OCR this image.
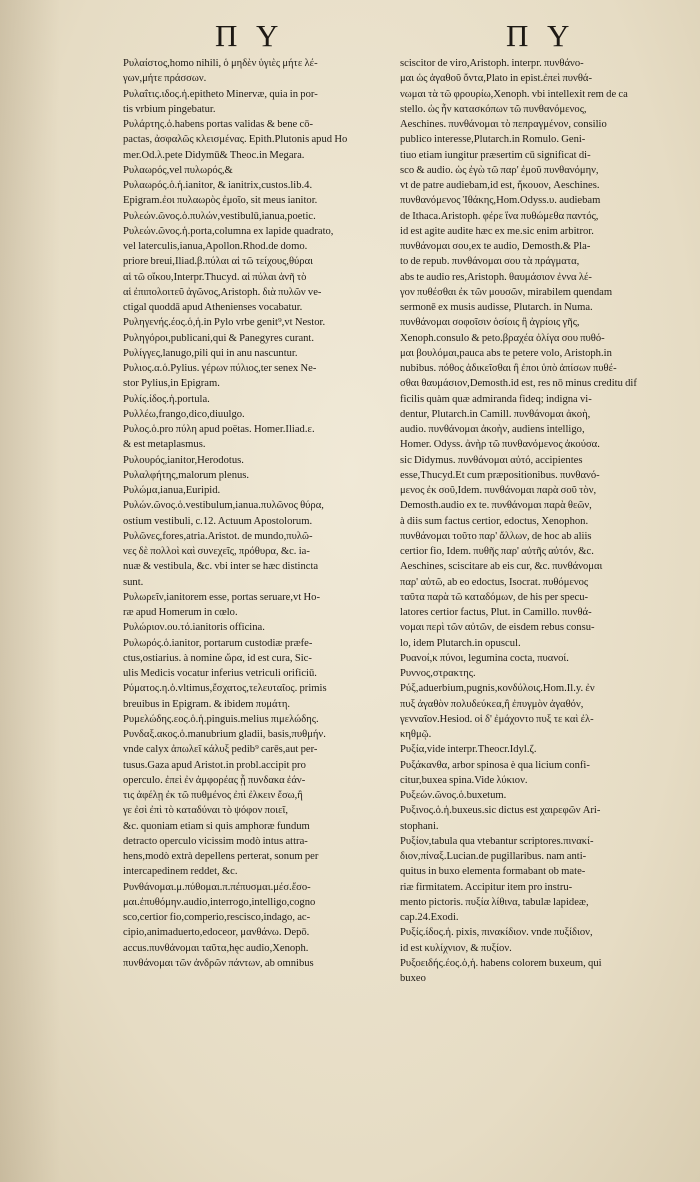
Π Υ	Π Υ
Ρυλαίστος,homo nihili, ὁ μηδὲν ὑγιὲς μήτε λέ-
γων,μήτε πράσσων.
Ρυλαΐτις.ιδος.ἡ.epitheto Minervæ, quia in por-
tis vrbium pingebatur.
Ρυλάρτης.ὁ.habens portas validas & bene cō-
pactas, ἀσφαλῶς κλεισμένας. Epith.Plutonis apud Ho
mer.Od.λ.pete Didymū& Theoc.in Megara.
Ρυλαωρός,vel πυλωρός,&
Ρυλαωρός.ὁ.ἡ.ianitor, & ianitrix,custos.lib.4.
Epigram.ἐοι πυλαωρὸς ἐμοῖο, sit meus ianitor.
Ρυλεών.ῶνος.ὁ.πυλών,vestibulū,ianua,poetic.
Ρυλεών.ῶνος.ἡ.porta,columna ex lapide quadrato,
vel laterculis,ianua,Apollon.Rhod.de domo.
priore breui,Iliad.β.πύλαι αἱ τῶ τείχους,θύραι
αἱ τῶ οἴκου,Interpr.Thucyd. αἱ πύλαι ἀνῆ τὸ
αἱ ἐπιπολοιτεῦ ἀγῶνος,Aristoph. διὰ πυλῶν ve-
ctigal quoddā apud Athenienses vocabatur.
Ρυληγενής.έος.ὁ,ἡ.in Pylo vrbe genit⁹,vt Nestor.
Ρυληγόροι,publicani,qui & Panegyres curant.
Ρυλίγγες,lanugo,pili qui in anu nascuntur.
Ρυλιος.α.ὁ.Pylius. γέρων πύλιος,ter senex Ne-
stor Pylius,in Epigram.
Ρυλίς.ίδος.ἡ.portula.
Ρυλλέω,frango,dico,diuulgo.
Ρυλος.ὁ.pro πύλη apud poëtas. Homer.Iliad.ε.
& est metaplasmus.
Ρυλουρός,ianitor,Herodotus.
Ρυλαλφήτης,malorum plenus.
Ρυλώμα,ianua,Euripid.
Ρυλών.ῶνος.ὁ.vestibulum,ianua.πυλῶνος θύρα,
ostium vestibuli, c.12. Actuum Apostolorum.
Ρυλῶνες,fores,atria.Aristot. de mundo,πυλῶ-
νες δὲ πολλοὶ καὶ συνεχεῖς, πρόθυρα, &c. ia-
nuæ & vestibula, &c. vbi inter se hæc distincta
sunt.
Ρυλωρεῖν,ianitorem esse, portas seruare,vt Ho-
ræ apud Homerum in cœlo.
Ρυλώριον.ου.τό.ianitoris officina.
Ρυλωρός.ὁ.ianitor, portarum custodiæ præfe-
ctus,ostiarius. à nomine ὤρα, id est cura, Sic-
ulis Medicis vocatur inferius vetriculi orificiū.
Ρύματος.η.ὁ.vltimus,ἔσχατος,τελευταῖος. primis
breuibus in Epigram. & ibidem πυμάτη.
Ρυμελώδης.εος.ὁ.ἡ.pinguis.melius πιμελώδης.
Ρυνδαξ.ακος.ὁ.manubrium gladii, basis,πυθμήν.
vnde calyx ἀπωλεῖ κάλυξ pedib⁹ carēs,aut per-
tusus.Gaza apud Aristot.in probl.accipit pro
operculo. ἐπεὶ ἐν ἀμφορέας ᾗ πυνδακα ἐάν-
τις ἀφέλῃ ἐκ τῶ πυθμένος ἐπὶ ἐλκειν ἔσω,ἢ
γε ἐσὶ ἐπὶ τὸ καταδύναι τὸ ψόφον ποιεῖ,
&c. quoniam etiam si quis amphoræ fundum
detracto operculo vicissim modò intus attra-
hens,modò extrà depellens perterat, sonum per
intercapedinem reddet, &c.
Ρυνθάνομαι.μ.πύθομαι.π.πέπυσμαι.μέσ.ἔσο-
μαι.ἐπυθόμην.audio,interrogo,intelligo,cogno
sco,certior fio,comperio,rescisco,indago, ac-
cipio,animaduerto,edoceor, μανθάνω. Depō.
accus.πυνθάνομαι ταῦτα,hęc audio,Xenoph.
πυνθάνομαι τῶν ἀνδρῶν πάντων, ab omnibus
sciscitor de viro,Aristoph. interpr. πυνθάνο-
μαι ὡς ἀγαθοῦ ὄντα,Plato in epist.ἐπεὶ πυνθά-
νωμαι τὰ τῶ φρουρίω,Xenoph. vbi intellexit rem de ca
stello. ὡς ἦν κατασκόπων τῶ πυνθανόμενος,
Aeschines. πυνθάνομαι τὸ πεπραγμένον, consilio
publico interesse,Plutarch.in Romulo. Geni-
tiuo etiam iungitur præsertim cū significat di-
sco & audio. ὡς ἐγὼ τῶ παρ' ἐμοῦ πυνθανόμην,
vt de patre audiebam,id est, ἤκουον, Aeschines.
πυνθανόμενος Ἰθάκης,Hom.Odyss.υ. audiebam
de Ithaca.Aristoph. φέρε ἵνα πυθώμεθα παντός,
id est agite audite hæc ex me.sic enim arbitror.
πυνθάνομαι σου,ex te audio, Demosth.& Pla-
to de repub. πυνθάνομαι σου τὰ πράγματα,
abs te audio res,Aristoph. θαυμάσιον ἐννα λέ-
γον πυθέσθαι ἐκ τῶν μουσῶν, mirabilem quendam
sermonē ex musis audisse, Plutarch. in Numa.
πυνθάνομαι σοφοῖσιν ὁσίοις ἢ ἀγρίοις γῆς,
Xenoph.consulo & peto.βραχέα ὀλίγα σου πυθό-
μαι βουλόμαι,pauca abs te petere volo, Aristoph.in
nubibus. πόθος ἀδικεῖσθαι ἢ ἐποι ὑπὸ ἀπίσων πυθέ-
σθαι θαυμάσιον,Demosth.id est, res nō minus creditu dif
ficilis quàm quæ admiranda fideq; indigna vi-
dentur, Plutarch.in Camill. πυνθάνομαι ἀκοὴ,
audio. πυνθάνομαι ἀκοὴν, audiens intelligo,
Homer. Odyss. ἀνὴρ τῶ πυνθανόμενος ἀκούσα.
sic Didymus. πυνθάνομαι αὐτό, accipientes
esse,Thucyd.Et cum præpositionibus. πυνθανό-
μενος ἐκ σοῦ,Idem. πυνθάνομαι παρὰ σοῦ τὸν,
Demosth.audio ex te. πυνθάνομαι παρὰ θεῶν,
à diis sum factus certior, edoctus, Xenophon.
πυνθάνομαι τοῦτο παρ' ἄλλων, de hoc ab aliis
certior fio, Idem. πυθῆς παρ' αὐτῆς αὐτόν, &c.
Aeschines, sciscitare ab eis cur, &c. πυνθάνομαι
παρ' αὐτῶ, ab eo edoctus, Isocrat. πυθόμενος
ταῦτα παρὰ τῶ καταδόμων, de his per specu-
latores certior factus, Plut. in Camillo. πυνθά-
νομαι περὶ τῶν αὐτῶν, de eisdem rebus consu-
lo, idem Plutarch.in opuscul.
Ρυανοί,κ πύνοι, legumina cocta, πυανοί.
Ρυννος,στρακτης.
Ρύξ,aduerbium,pugnis,κονδύλοις.Hom.Il.y. ἐν
πυξ ἀγαθὸν πολυδεύκεα,ἢ ἐπυγμὸν ἀγαθόν,
γενναῖον.Hesiod. οἱ δ' ἐμάχοντο πυξ τε καὶ ἐλ-
κηθμῷ.
Ρυξία,vide interpr.Theocr.Idyl.ζ.
Ρυξάκανθα, arbor spinosa è qua licium confi-
citur,buxea spina.Vide λύκιον.
Ρυξεών.ῶνος.ὁ.buxetum.
Ρυξινος.ὁ.ἡ.buxeus.sic dictus est χαιρεφῶν Ari-
stophani.
Ρυξίον,tabula qua vtebantur scriptores.πινακί-
διον,πίναξ.Lucian.de pugillaribus. nam anti-
quitus in buxo elementa formabant ob mate-
riæ firmitatem. Accipitur item pro instru-
mento pictoris. πυξία λίθινα, tabulæ lapideæ,
cap.24.Exodi.
Ρυξίς.ίδος.ἡ. pixis, πινακίδιον. vnde πυξίδιον,
id est κυλίχνιον, & πυξίον.
Ρυξοειδής.έος.ὁ,ἡ. habens colorem buxeum, qui
buxeo
